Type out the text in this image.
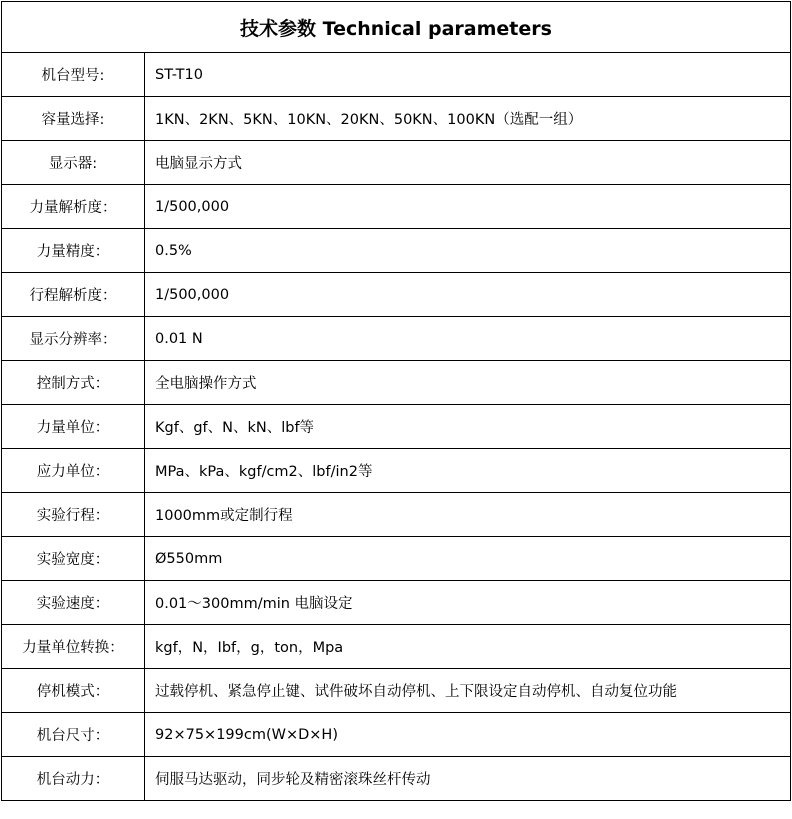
技术参数 Technical parameters	
机台型号:	ST-T10
容量选择:	1KN、2KN、5KN、10KN、20KN、50KN、100KN（选配一组）
显示器:	电脑显示方式
力量解析度：	1/500,000
力量精度：	0.5%
行程解析度：	1/500,000
显示分辨率：	0.01 N
控制方式：	全电脑操作方式
力量单位：	Kgf、gf、N、kN、lbf等
应力单位：	MPa、kPa、kgf/cm2、lbf/in2等
实验行程：	1000mm或定制行程
实验宽度：	Ø550mm
实验速度：	0.01～300mm/min 电脑设定
力量单位转换：	kgf，N，Ibf，g，ton，Mpa
停机模式：	过载停机、紧急停止键、试件破坏自动停机、上下限设定自动停机、自动复位功能
机台尺寸：	92×75×199cm(W×D×H)
机台动力：	伺服马达驱动，同步轮及精密滚珠丝杆传动
